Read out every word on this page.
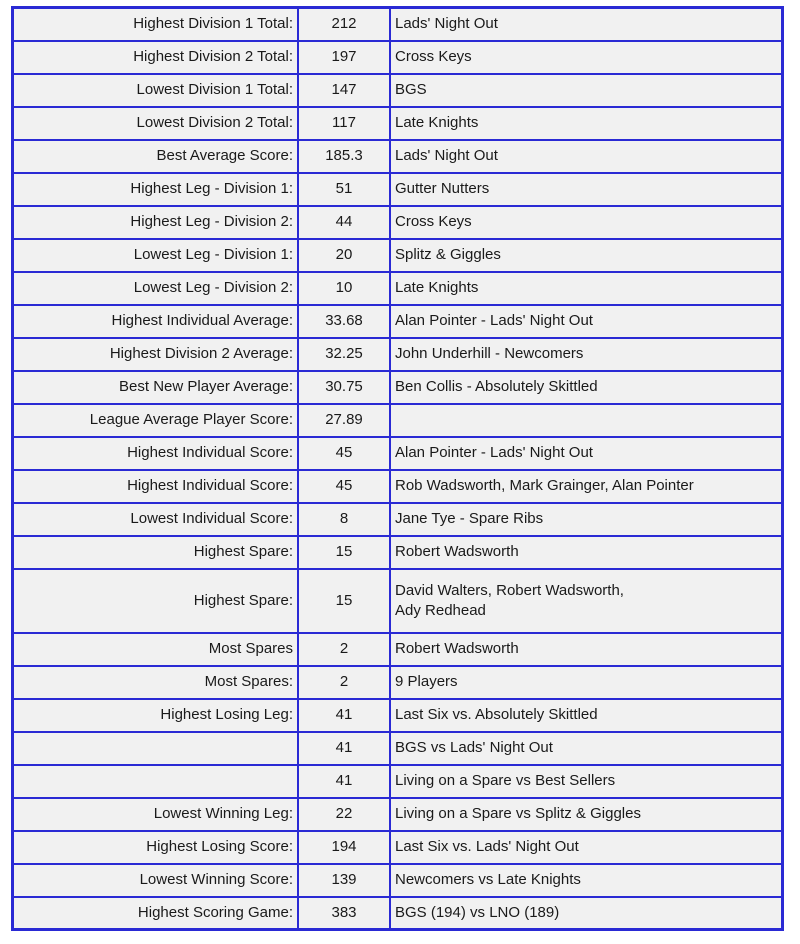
Highest Division 1 Total:	212	Lads' Night Out
Highest Division 2 Total:	197	Cross Keys
Lowest Division 1 Total:	147	BGS
Lowest Division 2 Total:	117	Late Knights
Best Average Score:	185.3	Lads' Night Out
Highest Leg - Division 1:	51	Gutter Nutters
Highest Leg - Division 2:	44	Cross Keys
Lowest Leg - Division 1:	20	Splitz & Giggles
Lowest Leg - Division 2:	10	Late Knights
Highest Individual Average:	33.68	Alan Pointer - Lads' Night Out
Highest Division 2 Average:	32.25	John Underhill - Newcomers
Best New Player Average:	30.75	Ben Collis - Absolutely Skittled
League Average Player Score:	27.89	
Highest Individual Score:	45	Alan Pointer - Lads' Night Out
Highest Individual Score:	45	Rob Wadsworth, Mark Grainger, Alan Pointer
Lowest Individual Score:	8	Jane Tye - Spare Ribs
Highest Spare:	15	Robert Wadsworth
Highest Spare:	15	David Walters, Robert Wadsworth,
Ady Redhead

Most Spares	2	Robert Wadsworth
Most Spares:	2	9 Players
Highest Losing Leg:	41	Last Six vs. Absolutely Skittled
	41	BGS vs Lads' Night Out
	41	Living on a Spare vs Best Sellers
Lowest Winning Leg:	22	Living on a Spare vs Splitz & Giggles
Highest Losing Score:	194	Last Six vs. Lads' Night Out
Lowest Winning Score:	139	Newcomers vs Late Knights
Highest Scoring Game:	383	BGS (194) vs LNO (189)
